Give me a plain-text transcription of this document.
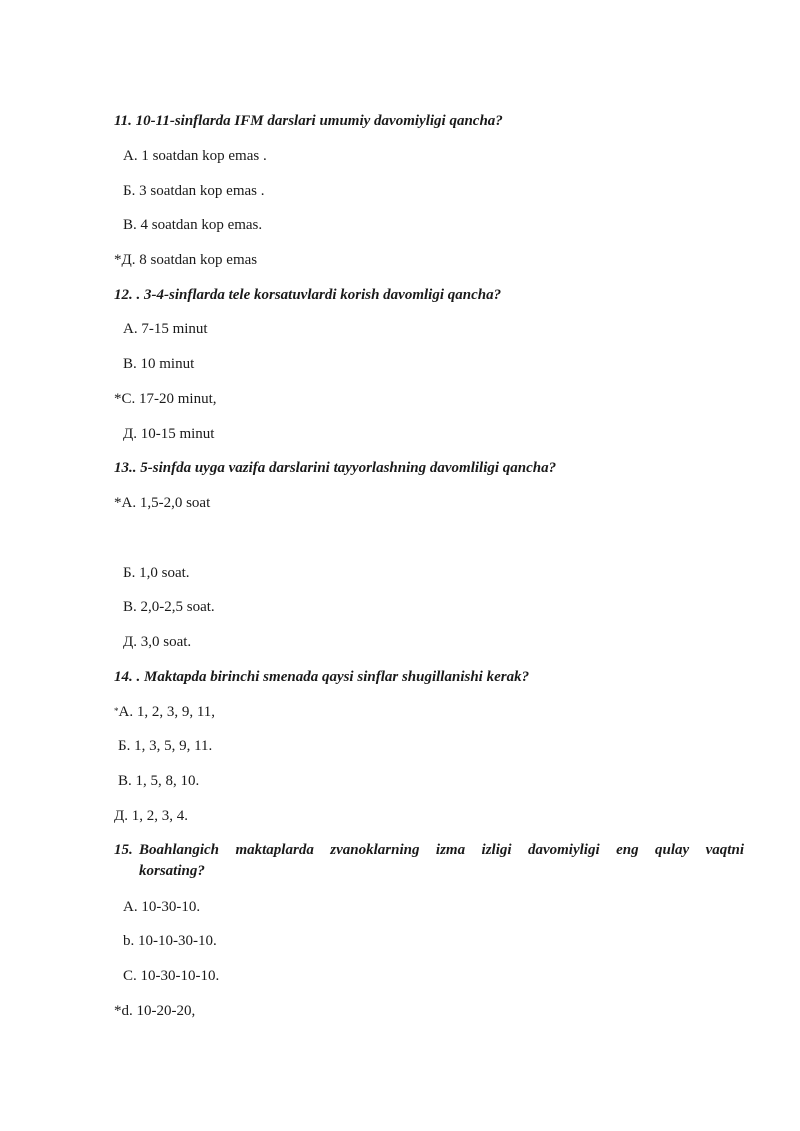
11. 10-11-sinflarda IFM darslari umumiy davomiyligi qancha?
A. 1 soatdan kop emas .
Б. 3 soatdan kop emas .
B. 4 soatdan kop emas.
*Д. 8 soatdan kop emas
12. . 3-4-sinflarda tele korsatuvlardi korish davomligi qancha?
A. 7-15 minut
B. 10 minut
*C. 17-20 minut,
Д. 10-15 minut
13.. 5-sinfda uyga vazifa darslarini tayyorlashning davomliligi qancha?
*A. 1,5-2,0 soat
Б. 1,0 soat.
B. 2,0-2,5 soat.
Д. 3,0 soat.
14. . Maktapda birinchi smenada qaysi sinflar shugillanishi kerak?
*A. 1, 2, 3, 9, 11,
Б. 1, 3, 5, 9, 11.
B. 1, 5, 8, 10.
Д. 1, 2, 3, 4.
15. Boahlangich maktaplarda zvanoklarning izma izligi davomiyligi eng qulay vaqtni
korsating?
A. 10-30-10.
b. 10-10-30-10.
C. 10-30-10-10.
*d. 10-20-20,
